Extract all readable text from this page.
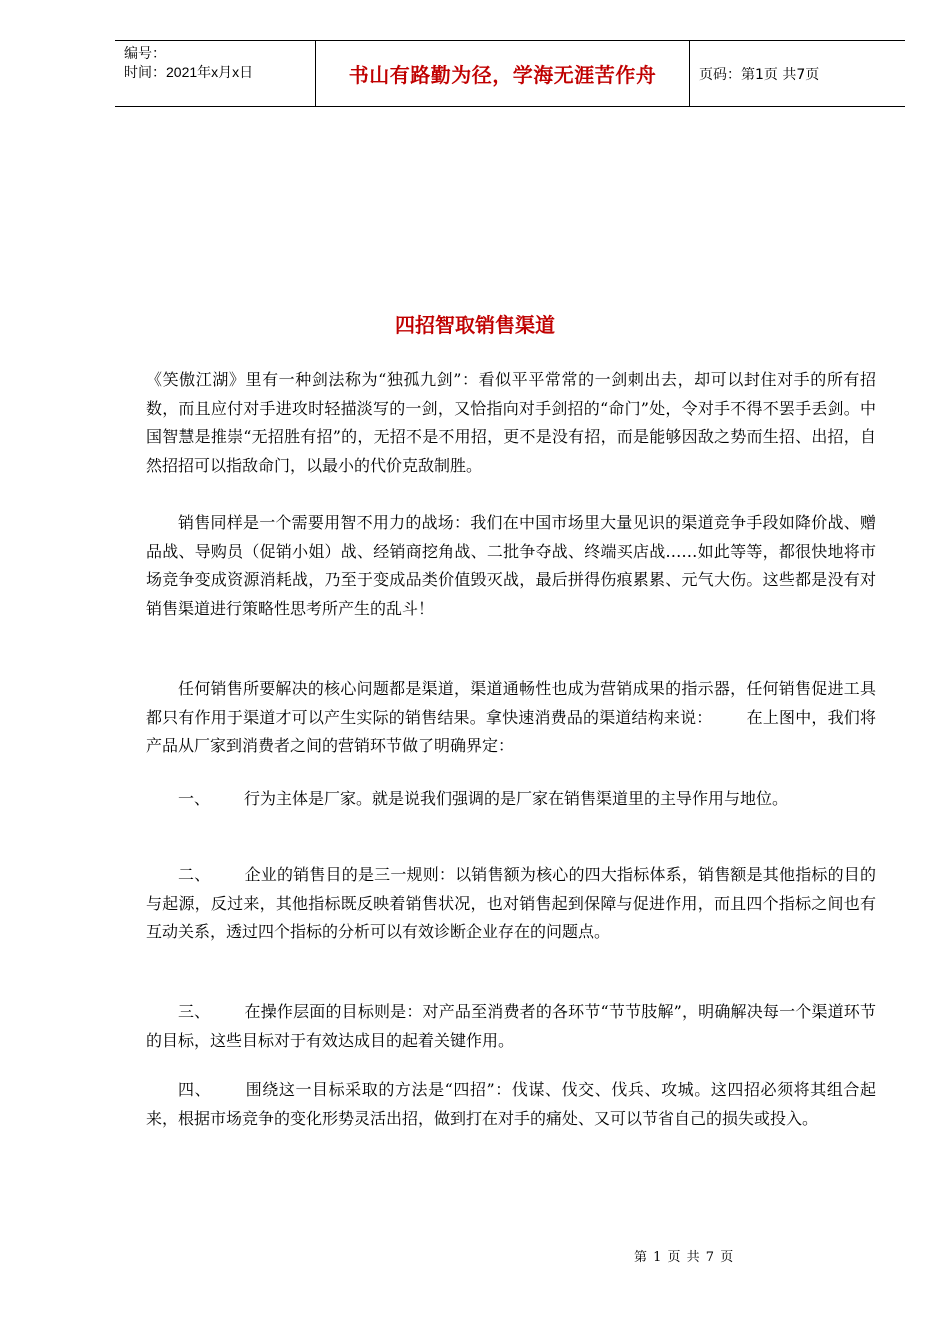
编号：
时间：2021年x月x日	书山有路勤为径，学海无涯苦作舟	页码：第1页 共7页
四招智取销售渠道

《笑傲江湖》里有一种剑法称为“独孤九剑”：看似平平常常的一剑刺出去，却可以封住对手的所有招数，而且应付对手进攻时轻描淡写的一剑，又恰指向对手剑招的“命门”处，令对手不得不罢手丢剑。中国智慧是推崇“无招胜有招”的，无招不是不用招，更不是没有招，而是能够因敌之势而生招、出招，自然招招可以指敌命门，以最小的代价克敌制胜。

销售同样是一个需要用智不用力的战场：我们在中国市场里大量见识的渠道竞争手段如降价战、赠品战、导购员（促销小姐）战、经销商挖角战、二批争夺战、终端买店战……如此等等，都很快地将市场竞争变成资源消耗战，乃至于变成品类价值毁灭战，最后拼得伤痕累累、元气大伤。这些都是没有对销售渠道进行策略性思考所产生的乱斗！

任何销售所要解决的核心问题都是渠道，渠道通畅性也成为营销成果的指示器，任何销售促进工具都只有作用于渠道才可以产生实际的销售结果。拿快速消费品的渠道结构来说： 在上图中，我们将产品从厂家到消费者之间的营销环节做了明确界定：

一、 行为主体是厂家。就是说我们强调的是厂家在销售渠道里的主导作用与地位。

二、 企业的销售目的是三一规则：以销售额为核心的四大指标体系，销售额是其他指标的目的与起源，反过来，其他指标既反映着销售状况，也对销售起到保障与促进作用，而且四个指标之间也有互动关系，透过四个指标的分析可以有效诊断企业存在的问题点。

三、 在操作层面的目标则是：对产品至消费者的各环节“节节肢解”，明确解决每一个渠道环节的目标，这些目标对于有效达成目的起着关键作用。

四、 围绕这一目标采取的方法是“四招”：伐谋、伐交、伐兵、攻城。这四招必须将其组合起来，根据市场竞争的变化形势灵活出招，做到打在对手的痛处、又可以节省自己的损失或投入。

第 1 页 共 7 页
